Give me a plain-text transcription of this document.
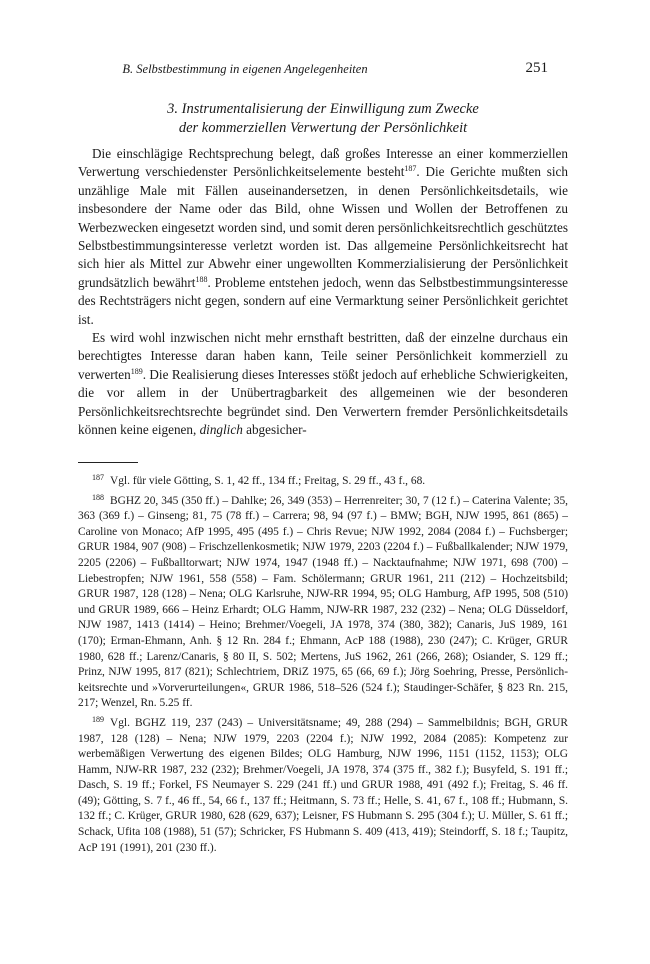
B. Selbstbestimmung in eigenen Angelegenheiten	251
3. Instrumentalisierung der Einwilligung zum Zwecke
der kommerziellen Verwertung der Persönlichkeit

Die einschlägige Rechtsprechung belegt, daß großes Interesse an einer kommerziellen Verwertung verschiedenster Persönlichkeitselemente besteht$^{187}$. Die Gerichte mußten sich unzählige Male mit Fällen auseinandersetzen, in denen Persönlichkeitsdetails, wie insbesondere der Name oder das Bild, ohne Wissen und Wollen der Betroffenen zu Werbezwecken eingesetzt worden sind, und somit deren persönlichkeitsrechtlich geschütztes Selbstbestimmungsinteresse verletzt worden ist. Das allgemeine Persönlichkeitsrecht hat sich hier als Mittel zur Abwehr einer ungewollten Kommerzialisierung der Persönlichkeit grundsätzlich bewährt$^{188}$. Probleme entstehen jedoch, wenn das Selbstbestimmungsinteresse des Rechtsträgers nicht gegen, sondern auf eine Vermarktung seiner Persönlichkeit gerichtet ist.

Es wird wohl inzwischen nicht mehr ernsthaft bestritten, daß der einzelne durchaus ein berechtigtes Interesse daran haben kann, Teile seiner Persönlichkeit kommerziell zu verwerten$^{189}$. Die Realisierung dieses Interesses stößt jedoch auf erhebliche Schwierigkeiten, die vor allem in der Unübertragbarkeit des allgemeinen wie der besonderen Persönlichkeitsrechtsrechte begründet sind. Den Verwertern fremder Persönlichkeitsdetails können keine eigenen, dinglich abgesicher-

$^{187}$ Vgl. für viele Götting, S. 1, 42 ff., 134 ff.; Freitag, S. 29 ff., 43 f., 68.

$^{188}$ BGHZ 20, 345 (350 ff.) – Dahlke; 26, 349 (353) – Herrenreiter; 30, 7 (12 f.) – Caterina Valente; 35, 363 (369 f.) – Ginseng; 81, 75 (78 ff.) – Carrera; 98, 94 (97 f.) – BMW; BGH, NJW 1995, 861 (865) – Caroline von Monaco; AfP 1995, 495 (495 f.) – Chris Revue; NJW 1992, 2084 (2084 f.) – Fuchsberger; GRUR 1984, 907 (908) – Frischzellenkosmetik; NJW 1979, 2203 (2204 f.) – Fußballkalender; NJW 1979, 2205 (2206) – Fußballtorwart; NJW 1974, 1947 (1948 ff.) – Nacktaufnahme; NJW 1971, 698 (700) – Liebestropfen; NJW 1961, 558 (558) – Fam. Schölermann; GRUR 1961, 211 (212) – Hochzeitsbild; GRUR 1987, 128 (128) – Nena; OLG Karlsruhe, NJW-RR 1994, 95; OLG Hamburg, AfP 1995, 508 (510) und GRUR 1989, 666 – Heinz Erhardt; OLG Hamm, NJW-RR 1987, 232 (232) – Nena; OLG Düsseldorf, NJW 1987, 1413 (1414) – Heino; Brehmer/Voegeli, JA 1978, 374 (380, 382); Canaris, JuS 1989, 161 (170); Erman-Ehmann, Anh. § 12 Rn. 284 f.; Ehmann, AcP 188 (1988), 230 (247); C. Krüger, GRUR 1980, 628 ff.; Larenz/Canaris, § 80 II, S. 502; Mertens, JuS 1962, 261 (266, 268); Osiander, S. 129 ff.; Prinz, NJW 1995, 817 (821); Schlechtriem, DRiZ 1975, 65 (66, 69 f.); Jörg Soehring, Presse, Persönlichkeitsrechte und »Vorverurteilungen«, GRUR 1986, 518–526 (524 f.); Staudinger-Schäfer, § 823 Rn. 215, 217; Wenzel, Rn. 5.25 ff.

$^{189}$ Vgl. BGHZ 119, 237 (243) – Universitätsname; 49, 288 (294) – Sammelbildnis; BGH, GRUR 1987, 128 (128) – Nena; NJW 1979, 2203 (2204 f.); NJW 1992, 2084 (2085): Kompetenz zur werbemäßigen Verwertung des eigenen Bildes; OLG Hamburg, NJW 1996, 1151 (1152, 1153); OLG Hamm, NJW-RR 1987, 232 (232); Brehmer/Voegeli, JA 1978, 374 (375 ff., 382 f.); Busyfeld, S. 191 ff.; Dasch, S. 19 ff.; Forkel, FS Neumayer S. 229 (241 ff.) und GRUR 1988, 491 (492 f.); Freitag, S. 46 ff. (49); Götting, S. 7 f., 46 ff., 54, 66 f., 137 ff.; Heitmann, S. 73 ff.; Helle, S. 41, 67 f., 108 ff.; Hubmann, S. 132 ff.; C. Krüger, GRUR 1980, 628 (629, 637); Leisner, FS Hubmann S. 295 (304 f.); U. Müller, S. 61 ff.; Schack, Ufita 108 (1988), 51 (57); Schricker, FS Hubmann S. 409 (413, 419); Steindorff, S. 18 f.; Taupitz, AcP 191 (1991), 201 (230 ff.).
